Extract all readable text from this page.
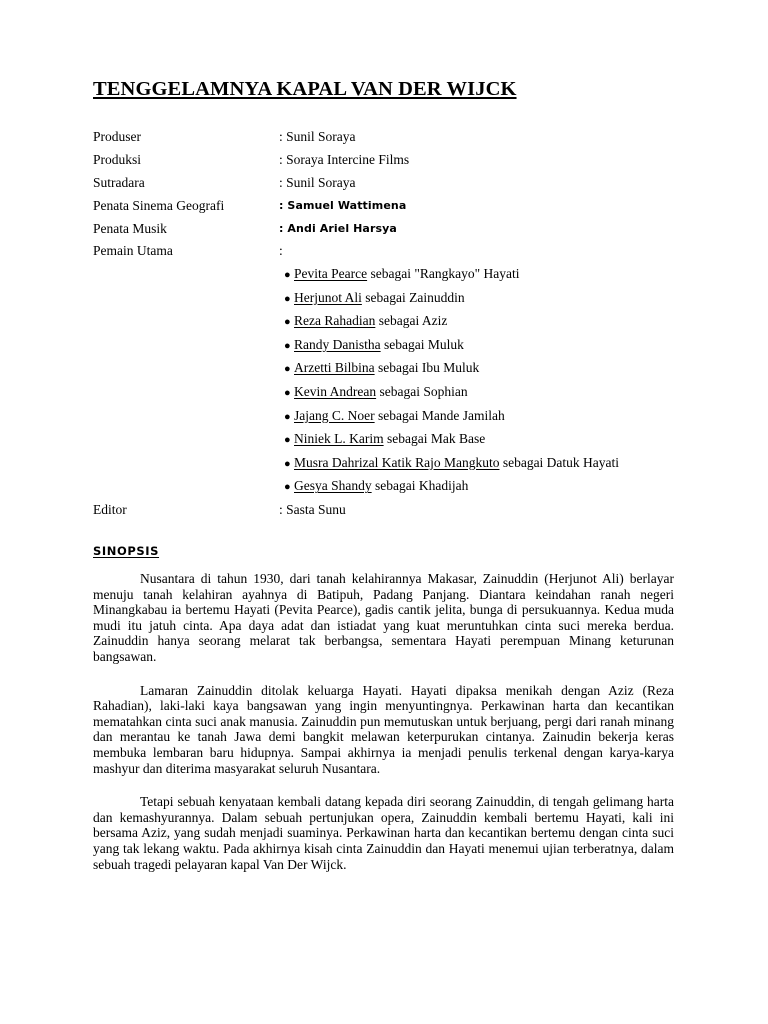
TENGGELAMNYA KAPAL VAN DER WIJCK
Produser	: Sunil Soraya
Produksi	: Soraya Intercine Films
Sutradara	: Sunil Soraya
Penata Sinema Geografi	: Samuel Wattimena
Penata Musik	: Andi Ariel Harsya
Pemain Utama	:
● Pevita Pearce sebagai "Rangkayo" Hayati
● Herjunot Ali sebagai Zainuddin
● Reza Rahadian sebagai Aziz
● Randy Danistha sebagai Muluk
● Arzetti Bilbina sebagai Ibu Muluk
● Kevin Andrean sebagai Sophian
● Jajang C. Noer sebagai Mande Jamilah
● Niniek L. Karim sebagai Mak Base
● Musra Dahrizal Katik Rajo Mangkuto sebagai Datuk Hayati
● Gesya Shandy sebagai Khadijah
Editor	: Sasta Sunu
SINOPSIS

Nusantara di tahun 1930, dari tanah kelahirannya Makasar, Zainuddin (Herjunot Ali) berlayar menuju tanah kelahiran ayahnya di Batipuh, Padang Panjang. Diantara keindahan ranah negeri Minangkabau ia bertemu Hayati (Pevita Pearce), gadis cantik jelita, bunga di persukuannya. Kedua muda mudi itu jatuh cinta. Apa daya adat dan istiadat yang kuat meruntuhkan cinta suci mereka berdua. Zainuddin hanya seorang melarat tak berbangsa, sementara Hayati perempuan Minang keturunan bangsawan.

Lamaran Zainuddin ditolak keluarga Hayati. Hayati dipaksa menikah dengan Aziz (Reza Rahadian), laki-laki kaya bangsawan yang ingin menyuntingnya. Perkawinan harta dan kecantikan mematahkan cinta suci anak manusia. Zainuddin pun memutuskan untuk berjuang, pergi dari ranah minang dan merantau ke tanah Jawa demi bangkit melawan keterpurukan cintanya. Zainudin bekerja keras membuka lembaran baru hidupnya. Sampai akhirnya ia menjadi penulis terkenal dengan karya-karya mashyur dan diterima masyarakat seluruh Nusantara.

Tetapi sebuah kenyataan kembali datang kepada diri seorang Zainuddin, di tengah gelimang harta dan kemashyurannya. Dalam sebuah pertunjukan opera, Zainuddin kembali bertemu Hayati, kali ini bersama Aziz, yang sudah menjadi suaminya. Perkawinan harta dan kecantikan bertemu dengan cinta suci yang tak lekang waktu. Pada akhirnya kisah cinta Zainuddin dan Hayati menemui ujian terberatnya, dalam sebuah tragedi pelayaran kapal Van Der Wijck.
